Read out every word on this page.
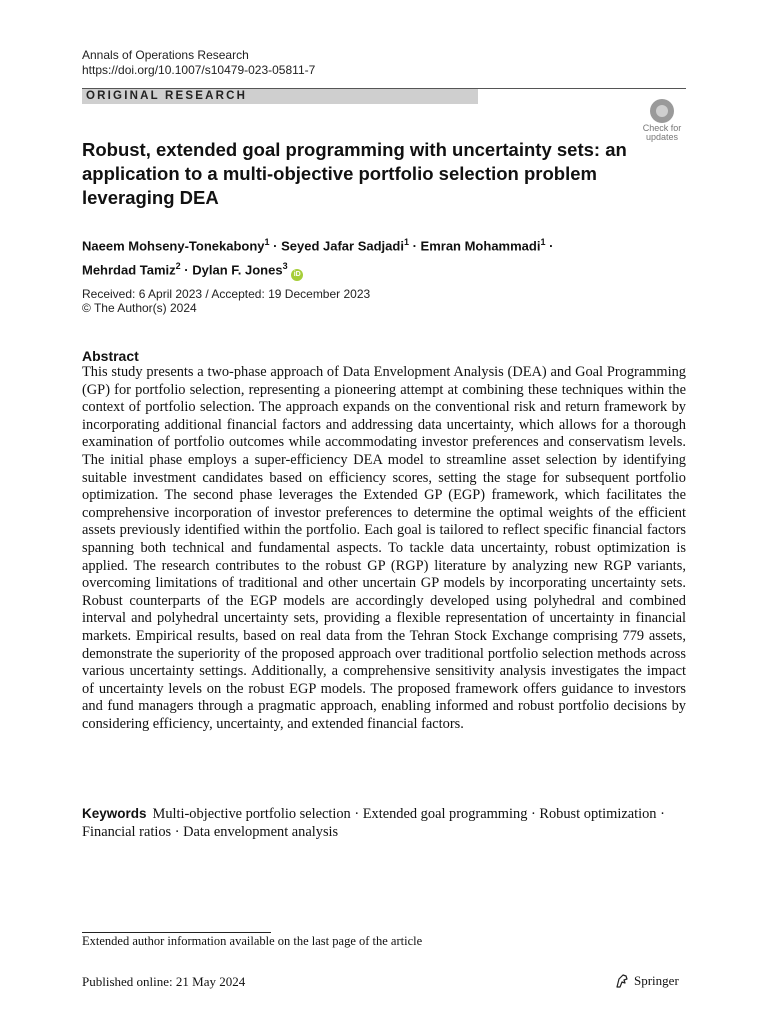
Annals of Operations Research
https://doi.org/10.1007/s10479-023-05811-7
ORIGINAL RESEARCH
Check for updates
Robust, extended goal programming with uncertainty sets: an application to a multi-objective portfolio selection problem leveraging DEA
Naeem Mohseny-Tonekabony$^1$ · Seyed Jafar Sadjadi$^1$ · Emran Mohammadi$^1$ ·
Mehrdad Tamiz$^2$ · Dylan F. Jones$^3$ iD
Received: 6 April 2023 / Accepted: 19 December 2023
© The Author(s) 2024
Abstract
This study presents a two-phase approach of Data Envelopment Analysis (DEA) and Goal Programming (GP) for portfolio selection, representing a pioneering attempt at combining these techniques within the context of portfolio selection. The approach expands on the conventional risk and return framework by incorporating additional financial factors and addressing data uncertainty, which allows for a thorough examination of portfolio outcomes while accommodating investor preferences and conservatism levels. The initial phase employs a super-efficiency DEA model to streamline asset selection by identifying suitable investment candidates based on efficiency scores, setting the stage for subsequent portfolio optimization. The second phase leverages the Extended GP (EGP) framework, which facilitates the comprehensive incorporation of investor preferences to determine the optimal weights of the efficient assets previously identified within the portfolio. Each goal is tailored to reflect specific financial factors spanning both technical and fundamental aspects. To tackle data uncertainty, robust optimization is applied. The research contributes to the robust GP (RGP) literature by analyzing new RGP variants, overcoming limitations of traditional and other uncertain GP models by incorporating uncertainty sets. Robust counterparts of the EGP models are accordingly developed using polyhedral and combined interval and polyhedral uncertainty sets, providing a flexible representation of uncertainty in financial markets. Empirical results, based on real data from the Tehran Stock Exchange comprising 779 assets, demonstrate the superiority of the proposed approach over traditional portfolio selection methods across various uncertainty settings. Additionally, a comprehensive sensitivity analysis investigates the impact of uncertainty levels on the robust EGP models. The proposed framework offers guidance to investors and fund managers through a pragmatic approach, enabling informed and robust portfolio decisions by considering efficiency, uncertainty, and extended financial factors.
Keywords Multi-objective portfolio selection · Extended goal programming · Robust optimization · Financial ratios · Data envelopment analysis
Extended author information available on the last page of the article
Published online: 21 May 2024	Springer
